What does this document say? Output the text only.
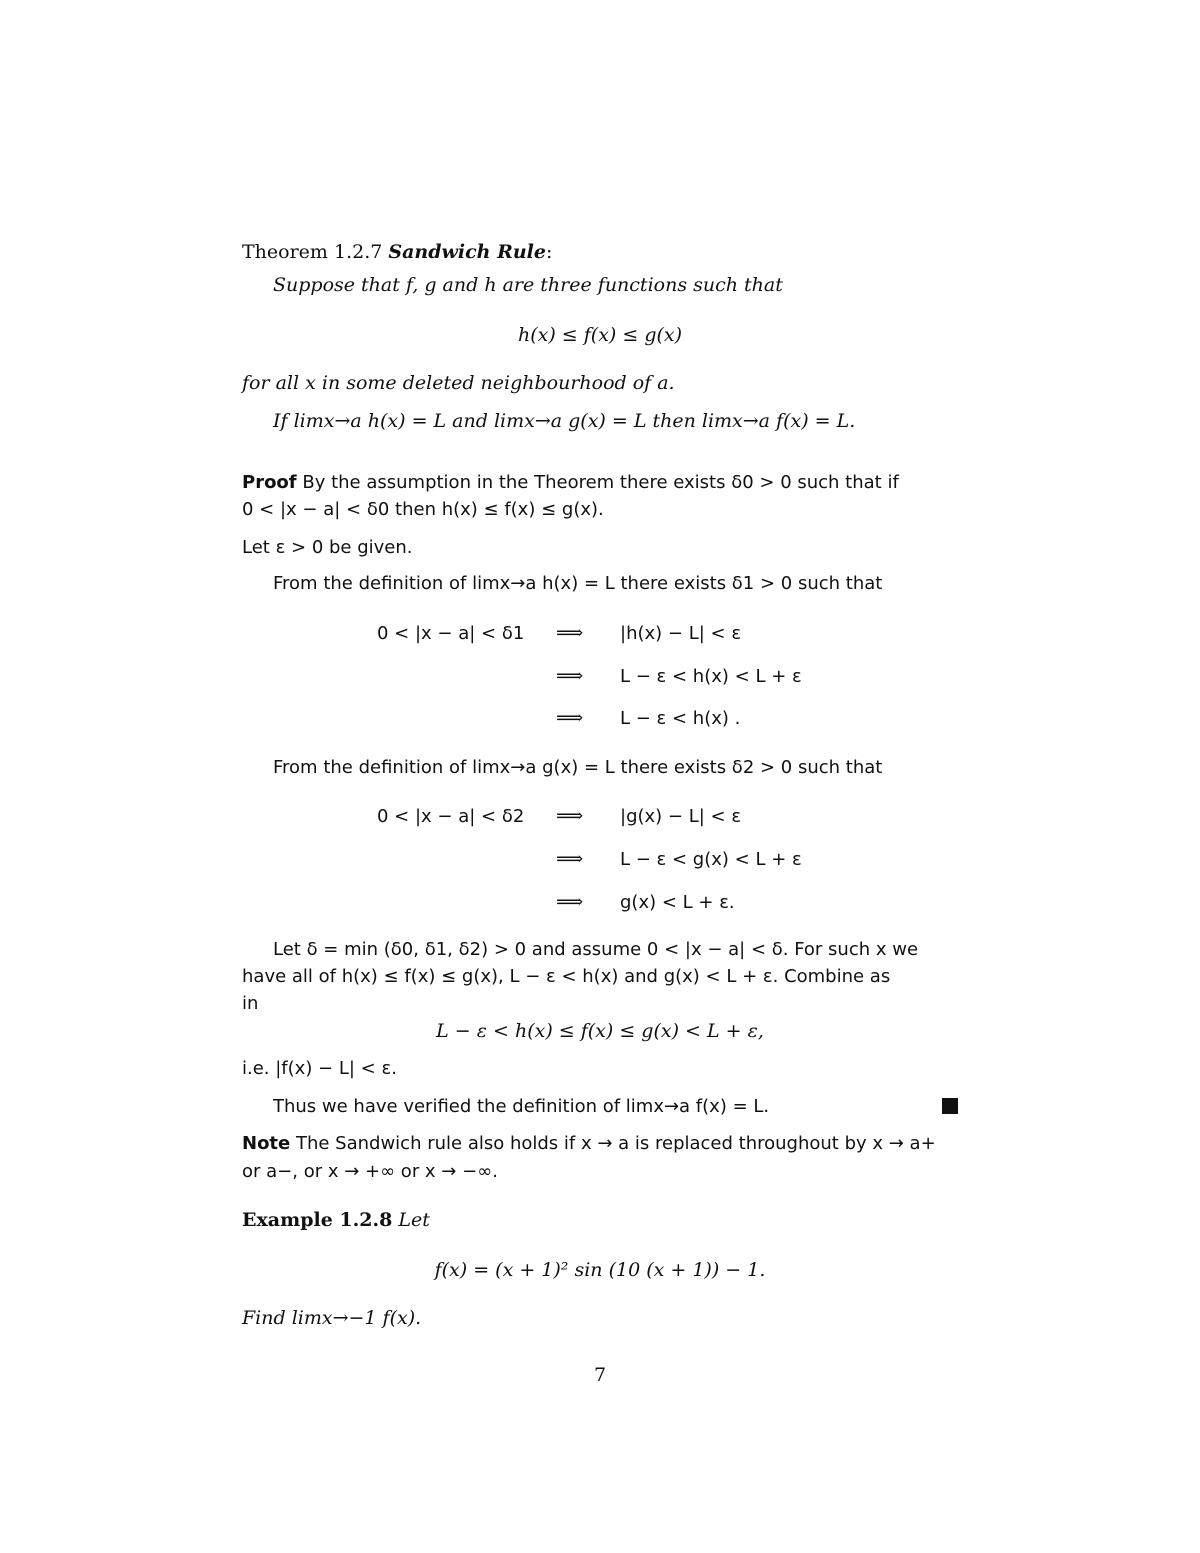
Theorem 1.2.7 Sandwich Rule:
Suppose that f, g and h are three functions such that
h(x) ≤ f(x) ≤ g(x)
for all x in some deleted neighbourhood of a.
If limx→a h(x) = L and limx→a g(x) = L then limx→a f(x) = L.
Proof By the assumption in the Theorem there exists δ0 > 0 such that if
0 < |x − a| < δ0 then h(x) ≤ f(x) ≤ g(x).
Let ε > 0 be given.
From the definition of limx→a h(x) = L there exists δ1 > 0 such that
0 < |x − a| < δ1 ⟹ |h(x) − L| < ε
⟹ L − ε < h(x) < L + ε
⟹ L − ε < h(x) .
From the definition of limx→a g(x) = L there exists δ2 > 0 such that
0 < |x − a| < δ2 ⟹ |g(x) − L| < ε
⟹ L − ε < g(x) < L + ε
⟹ g(x) < L + ε.
Let δ = min (δ0, δ1, δ2) > 0 and assume 0 < |x − a| < δ. For such x we
have all of h(x) ≤ f(x) ≤ g(x), L − ε < h(x) and g(x) < L + ε. Combine as
in
L − ε < h(x) ≤ f(x) ≤ g(x) < L + ε,
i.e. |f(x) − L| < ε.
Thus we have verified the definition of limx→a f(x) = L.
Note The Sandwich rule also holds if x → a is replaced throughout by x → a+
or a−, or x → +∞ or x → −∞.
Example 1.2.8 Let
f(x) = (x + 1)² sin (10 (x + 1)) − 1.
Find limx→−1 f(x).
7
